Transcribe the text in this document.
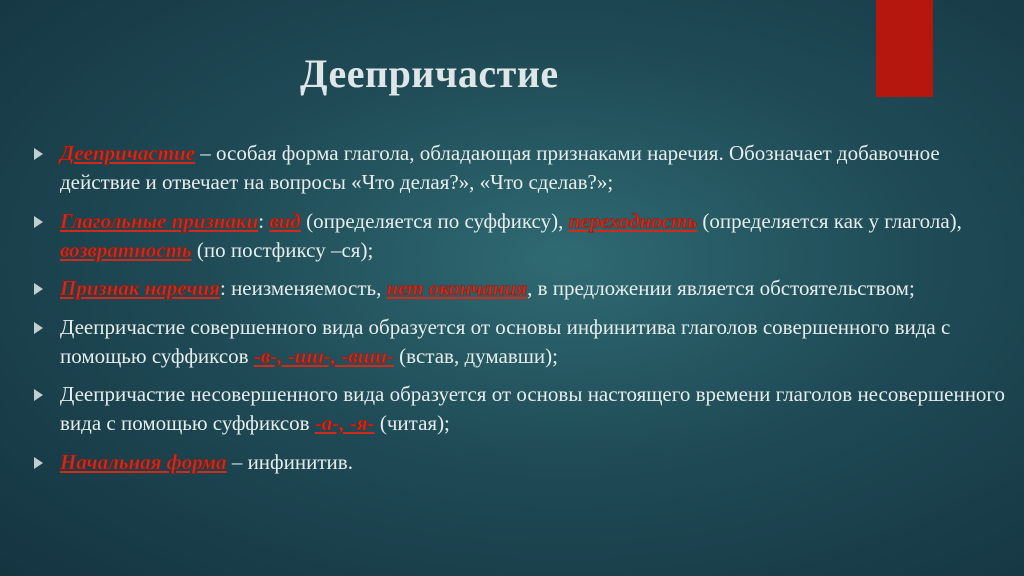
Деепричастие
Деепричастие – особая форма глагола, обладающая признаками наречия. Обозначает добавочное действие и отвечает на вопросы «Что делая?», «Что сделав?»;
Глагольные признаки: вид (определяется по суффиксу), переходность (определяется как у глагола), возвратность (по постфиксу –ся);
Признак наречия: неизменяемость, нет окончания, в предложении является обстоятельством;
Деепричастие совершенного вида образуется от основы инфинитива глаголов совершенного вида с помощью суффиксов -в-, -ши-, -вши- (встав, думавши);
Деепричастие несовершенного вида образуется от основы настоящего времени глаголов несовершенного вида с помощью суффиксов -а-, -я- (читая);
Начальная форма – инфинитив.
